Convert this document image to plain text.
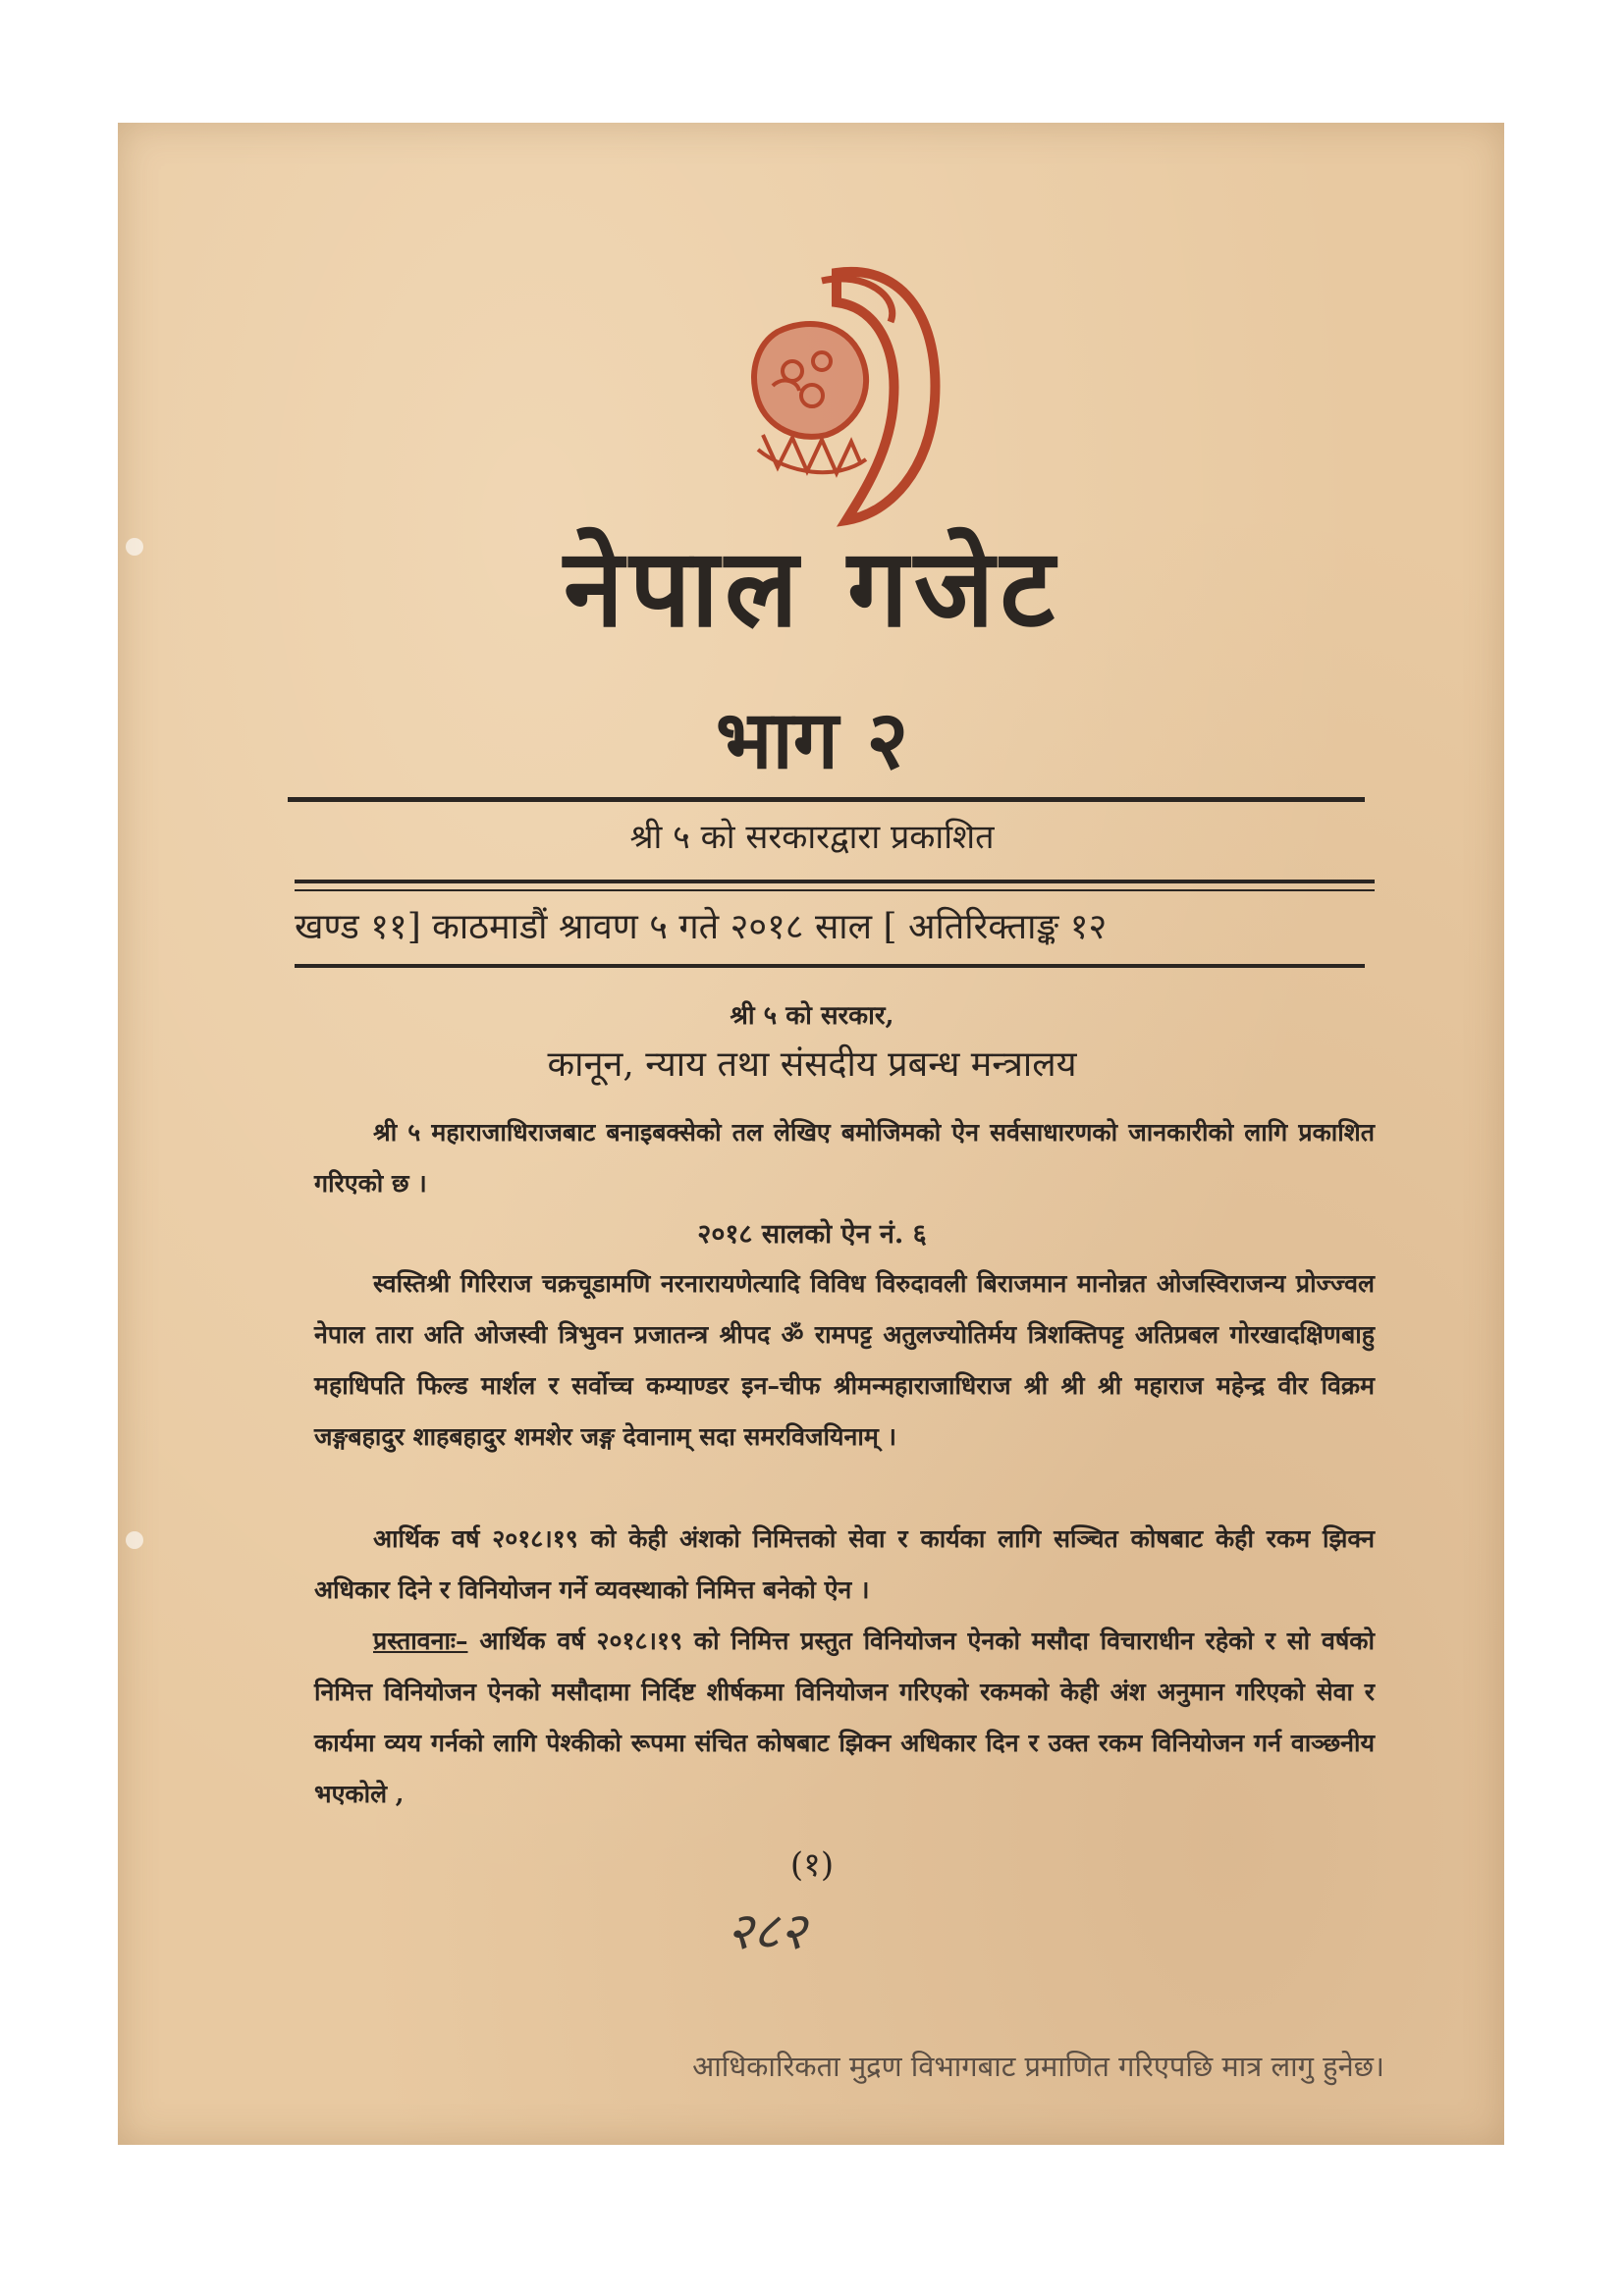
नेपाल गजेट
भाग २
श्री ५ को सरकारद्वारा प्रकाशित
खण्ड ११] काठमाडौं श्रावण ५ गते २०१८ साल [ अतिरिक्ताङ्क १२
श्री ५ को सरकार,
कानून, न्याय तथा संसदीय प्रबन्ध मन्त्रालय
श्री ५ महाराजाधिराजबाट बनाइबक्सेको तल लेखिए बमोजिमको ऐन सर्वसाधारणको जानकारीको लागि प्रकाशित गरिएको छ ।
२०१८ सालको ऐन नं. ६
स्वस्तिश्री गिरिराज चक्रचूडामणि नरनारायणेत्यादि विविध विरुदावली बिराजमान मानोन्नत ओजस्विराजन्य प्रोज्ज्वल नेपाल तारा अति ओजस्वी त्रिभुवन प्रजातन्त्र श्रीपद ॐ रामपट्ट अतुलज्योतिर्मय त्रिशक्तिपट्ट अतिप्रबल गोरखादक्षिणबाहु महाधिपति फिल्ड मार्शल र सर्वोच्च कम्याण्डर इन–चीफ श्रीमन्महाराजाधिराज श्री श्री श्री महाराज महेन्द्र वीर विक्रम जङ्गबहादुर शाहबहादुर शमशेर जङ्ग देवानाम् सदा समरविजयिनाम् ।
आर्थिक वर्ष २०१८।१९ को केही अंशको निमित्तको सेवा र कार्यका लागि सञ्चित कोषबाट केही रकम झिक्न अधिकार दिने र विनियोजन गर्ने व्यवस्थाको निमित्त बनेको ऐन ।
प्रस्तावनाः– आर्थिक वर्ष २०१८।१९ को निमित्त प्रस्तुत विनियोजन ऐनको मसौदा विचाराधीन रहेको र सो वर्षको निमित्त विनियोजन ऐनको मसौदामा निर्दिष्ट शीर्षकमा विनियोजन गरिएको रकमको केही अंश अनुमान गरिएको सेवा र कार्यमा व्यय गर्नको लागि पेश्कीको रूपमा संचित कोषबाट झिक्न अधिकार दिन र उक्त रकम विनियोजन गर्न वाञ्छनीय भएकोले ,
(१)
२८२
आधिकारिकता मुद्रण विभागबाट प्रमाणित गरिएपछि मात्र लागु हुनेछ।
